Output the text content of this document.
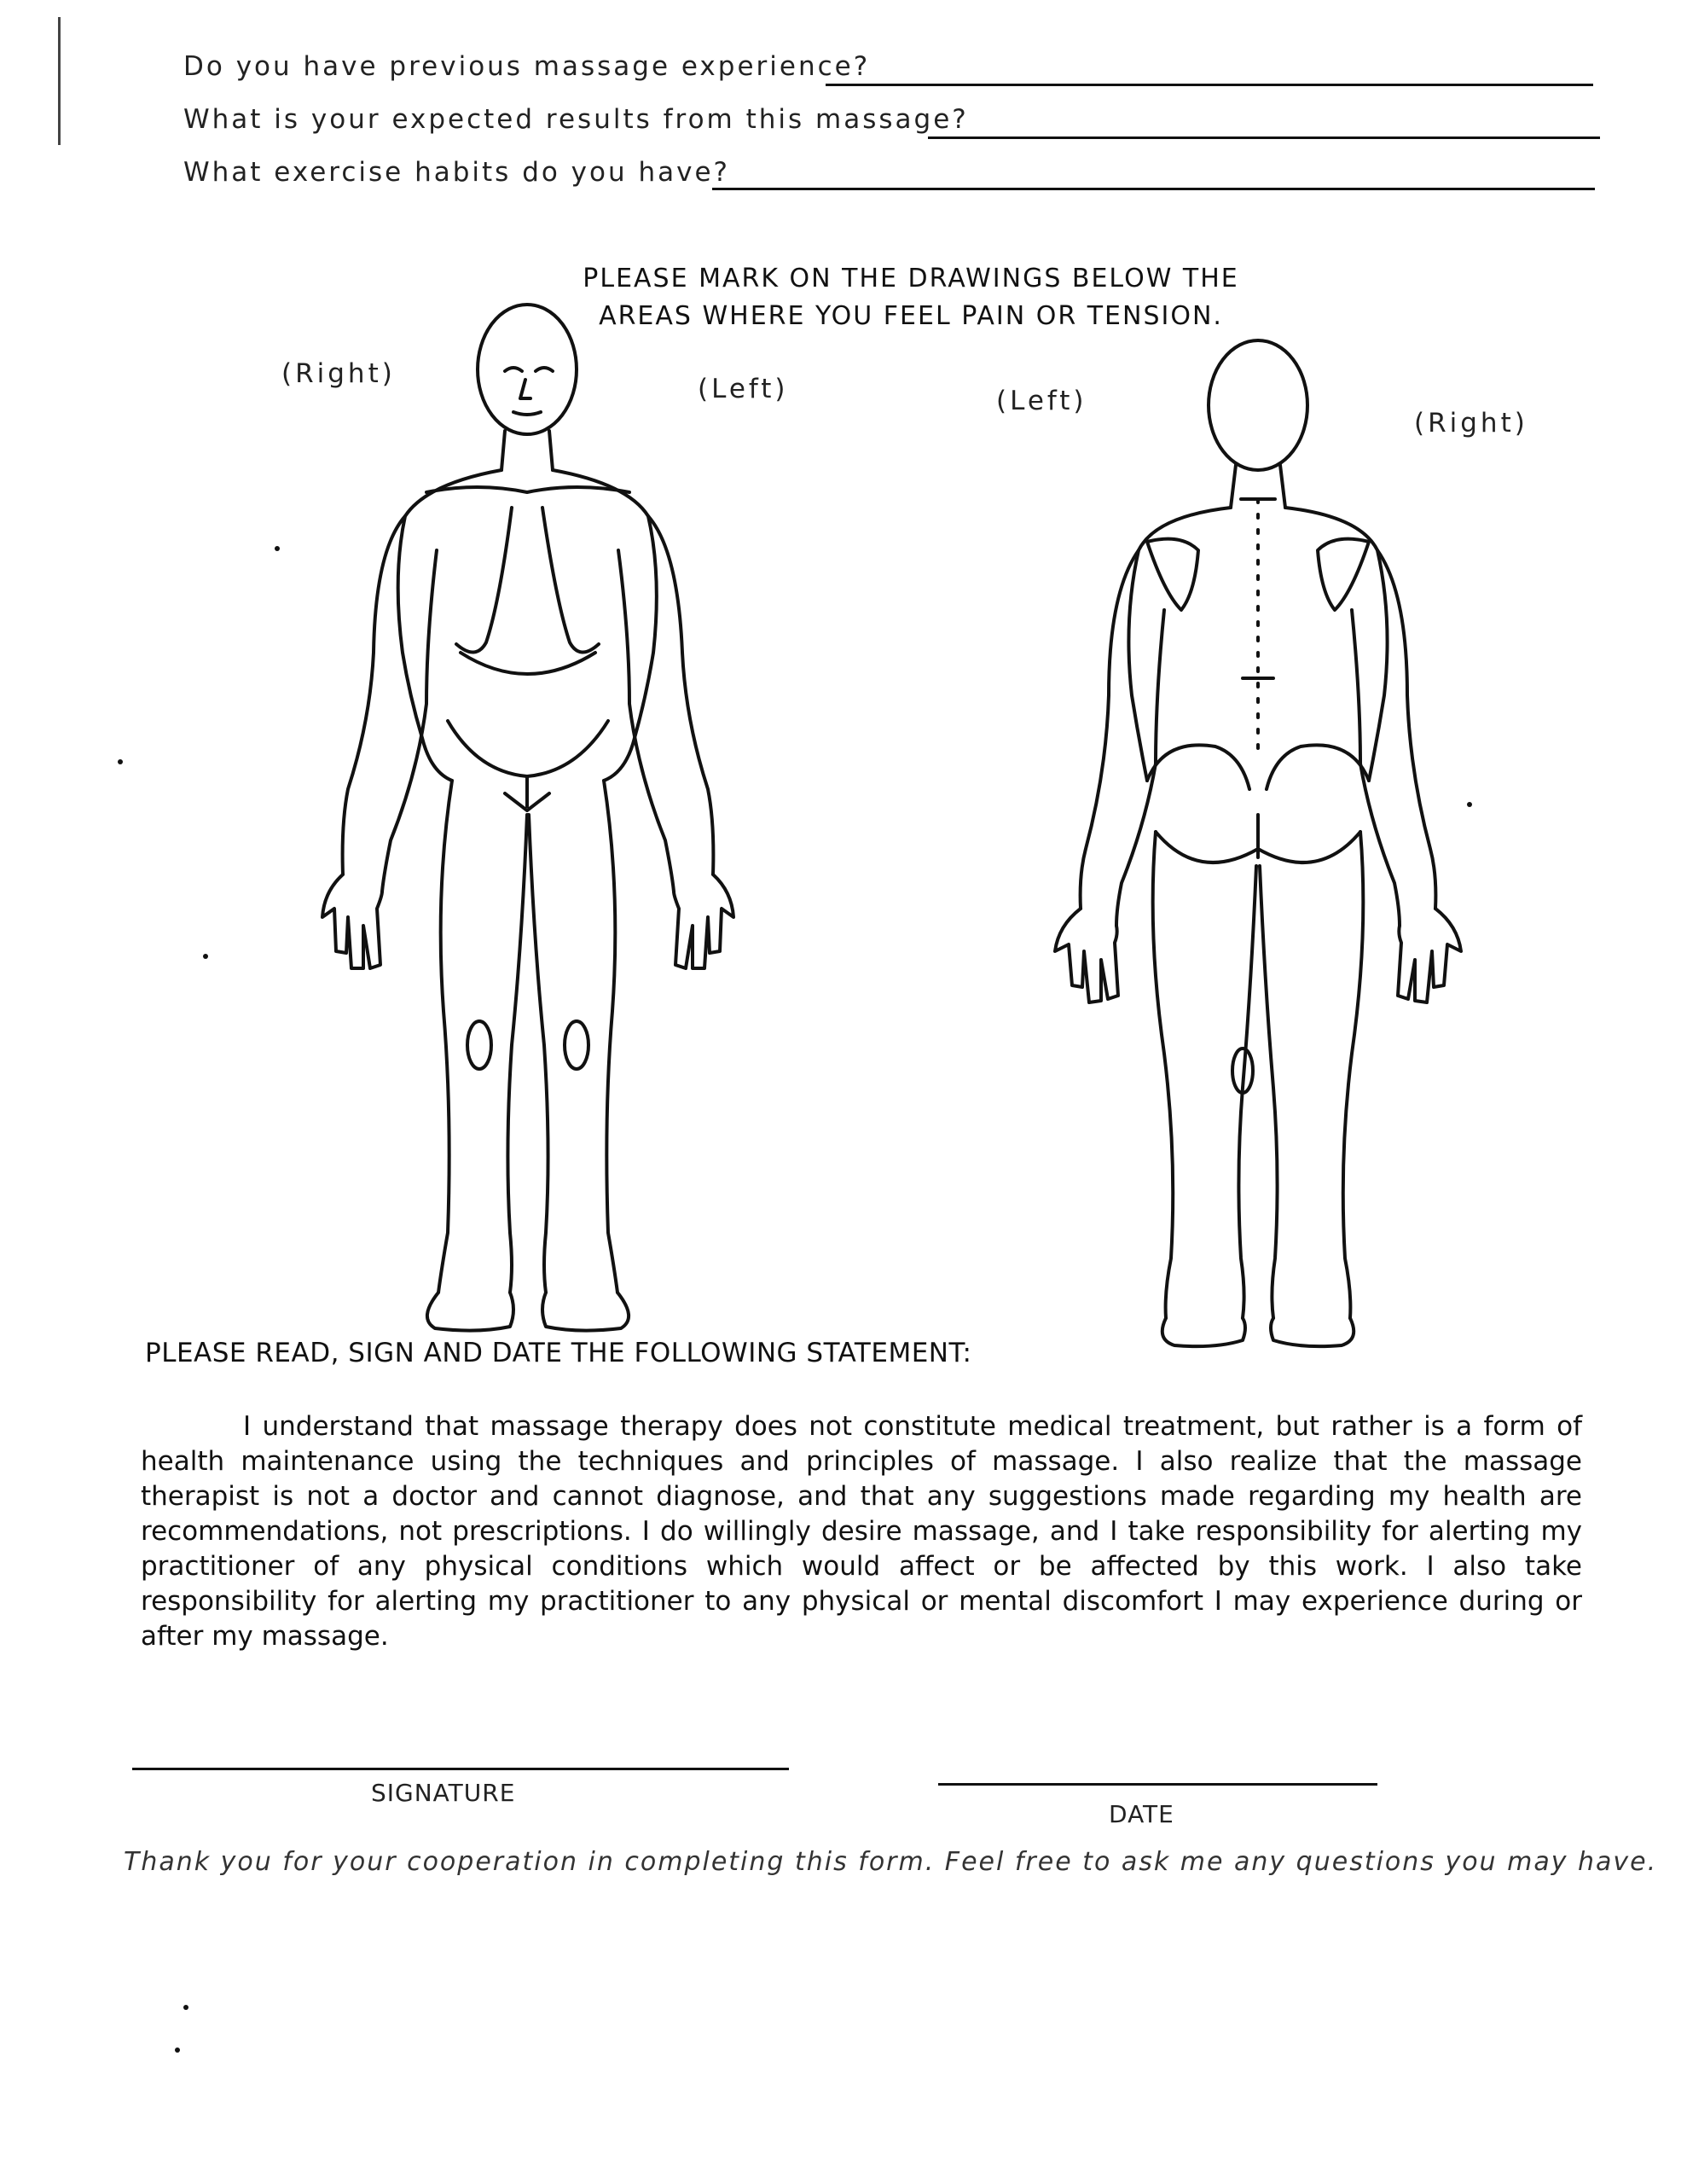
Do you have previous massage experience?
What is your expected results from this massage?
What exercise habits do you have?
PLEASE MARK ON THE DRAWINGS BELOW THE
AREAS WHERE YOU FEEL PAIN OR TENSION.
(Right)	(Left)	(Left)
(Right)
PLEASE READ, SIGN AND DATE THE FOLLOWING STATEMENT:
I understand that massage therapy does not constitute medical treatment, but rather is a form of health maintenance using the techniques and principles of massage. I also realize that the massage therapist is not a doctor and cannot diagnose, and that any suggestions made regarding my health are recommendations, not prescriptions. I do willingly desire massage, and I take responsibility for alerting my practitioner of any physical conditions which would affect or be affected by this work. I also take responsibility for alerting my practitioner to any physical or mental discomfort I may experience during or after my massage.
SIGNATURE
DATE
Thank you for your cooperation in completing this form. Feel free to ask me any questions you may have.
